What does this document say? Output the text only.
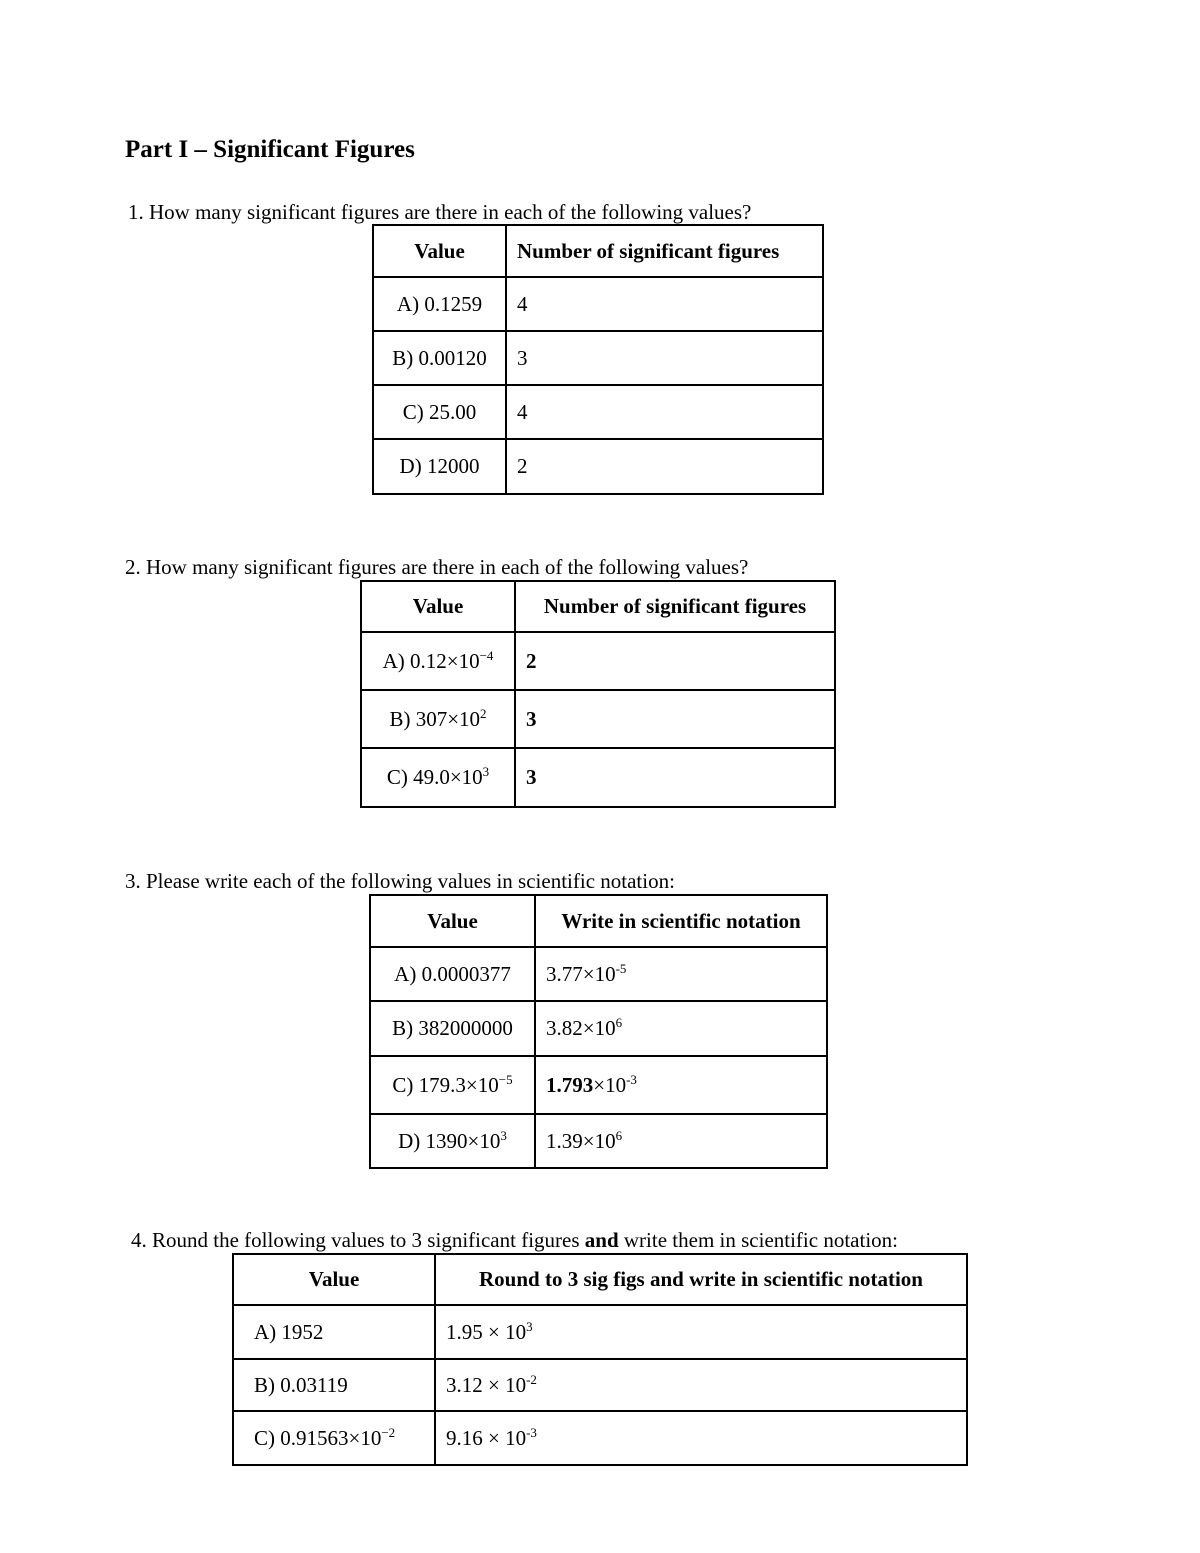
Part I – Significant Figures
1. How many significant figures are there in each of the following values?
Value	Number of significant figures
A) 0.1259	4
B) 0.00120	3
C) 25.00	4
D) 12000	2
2. How many significant figures are there in each of the following values?
Value	Number of significant figures
A) $0.12\times 10^{-4}$	2
B) $307\times 10^2$	3
C) $49.0\times 10^3$	3
3. Please write each of the following values in scientific notation:
Value	Write in scientific notation
A) 0.0000377	$3.77\times 10^{-5}$
B) 382000000	$3.82\times 10^6$
C) $179.3\times 10^{-5}$	$1.793\times 10^{-3}$
D) $1390\times 10^3$	$1.39\times 10^6$
4. Round the following values to 3 significant figures and write them in scientific notation:
Value	Round to 3 sig figs and write in scientific notation
A) 1952	$1.95 \times 10^3$
B) 0.03119	$3.12 \times 10^{-2}$
C) $0.91563\times 10^{-2}$	$9.16 \times 10^{-3}$
